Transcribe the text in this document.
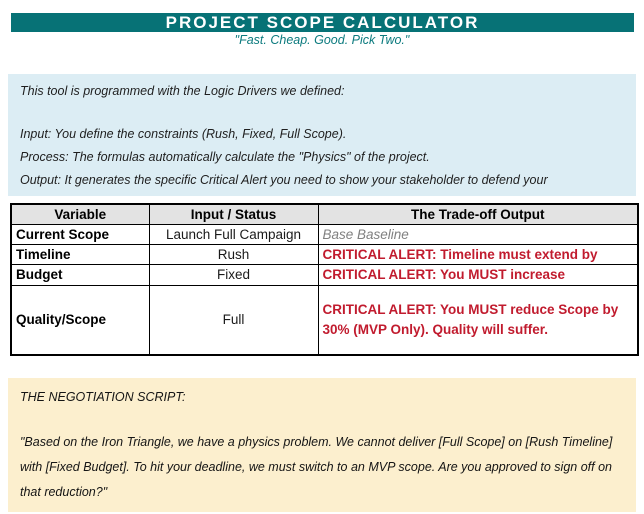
PROJECT SCOPE CALCULATOR
"Fast. Cheap. Good. Pick Two."
This tool is programmed with the Logic Drivers we defined:
Input: You define the constraints (Rush, Fixed, Full Scope).
Process: The formulas automatically calculate the "Physics" of the project.
Output: It generates the specific Critical Alert you need to show your stakeholder to defend your
Variable	Input / Status	The Trade-off Output
Current Scope	Launch Full Campaign	Base Baseline
Timeline	Rush	CRITICAL ALERT: Timeline must extend by
Budget	Fixed	CRITICAL ALERT: You MUST increase
Quality/Scope	Full	CRITICAL ALERT: You MUST reduce Scope by 30% (MVP Only). Quality will suffer.
THE NEGOTIATION SCRIPT:
"Based on the Iron Triangle, we have a physics problem. We cannot deliver [Full Scope] on [Rush Timeline] with [Fixed Budget]. To hit your deadline, we must switch to an MVP scope. Are you approved to sign off on that reduction?"
